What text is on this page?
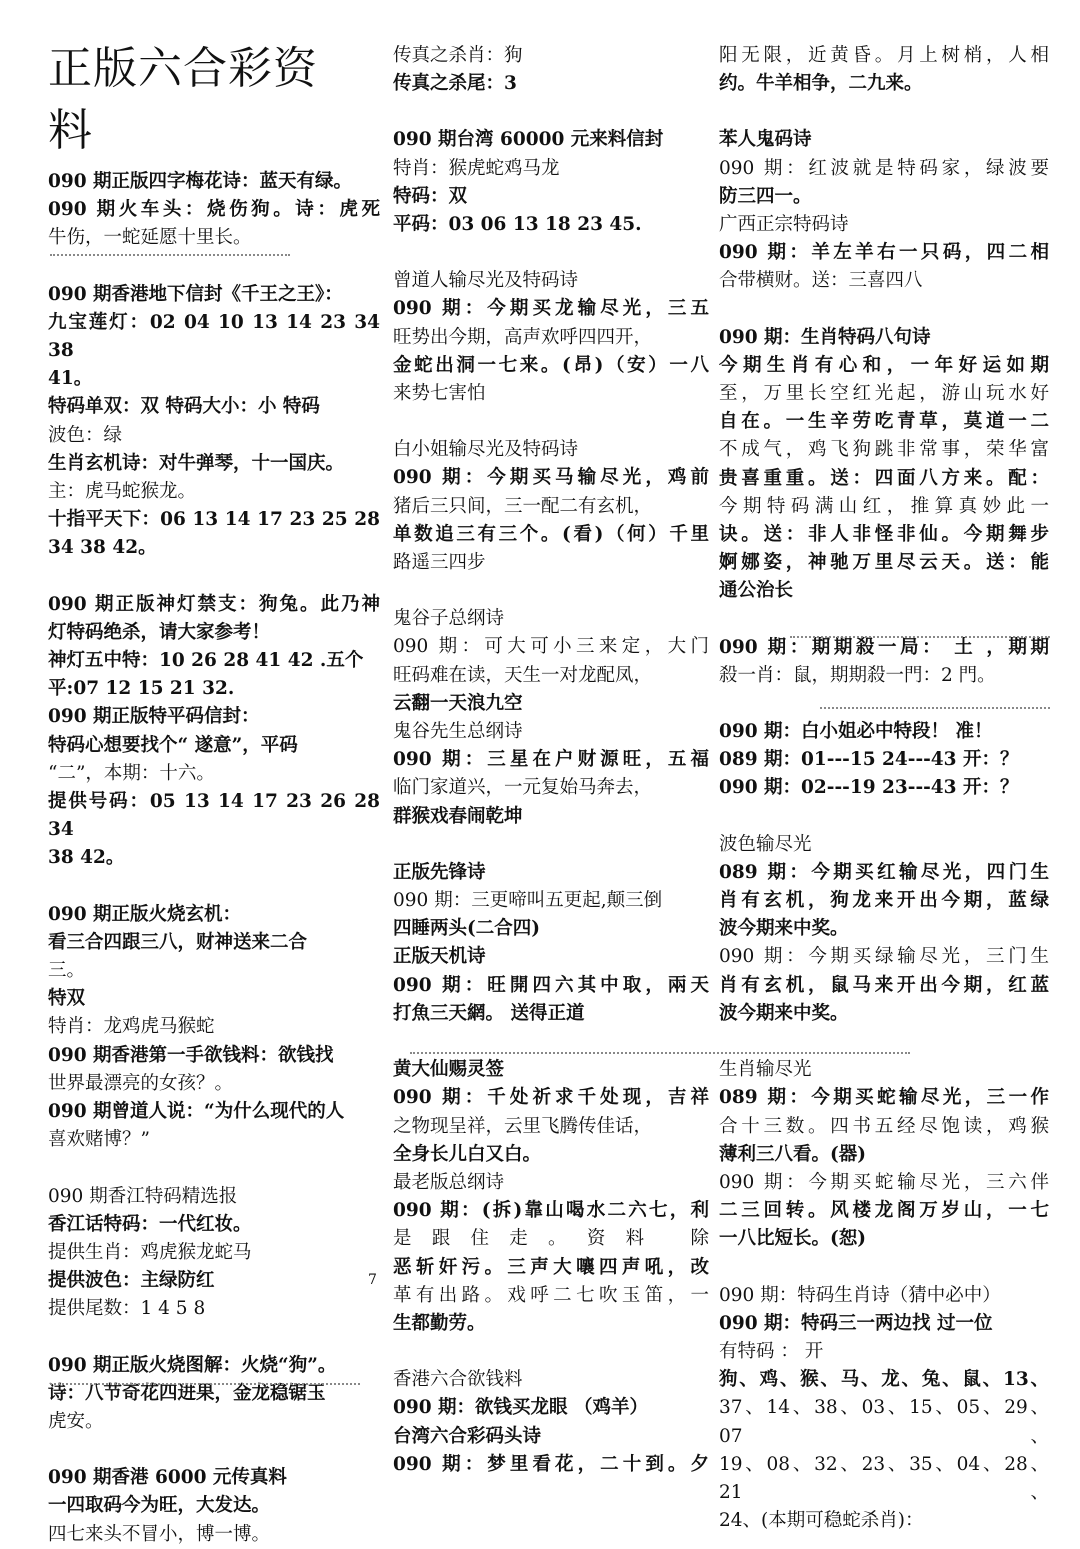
正版六合彩资
料

090 期正版四字梅花诗：蓝天有绿。

090 期火车头：烧伤狗。诗：虎死

牛伤，一蛇延愿十里长。

090 期香港地下信封《千王之王》：

九宝莲灯：02 04 10 13 14 23 34 38

41。

特码单双：双 特码大小：小 特码

波色：绿

生肖玄机诗：对牛弹琴，十一国庆。

主：虎马蛇猴龙。

十指平天下：06 13 14 17 23 25 28

34 38 42。

090 期正版神灯禁支：狗兔。此乃神

灯特码绝杀，请大家参考！

神灯五中特：10 26 28 41 42 .五个

平:07 12 15 21 32.

090 期正版特平码信封：

特码心想要找个“ 遂意”，平码

“二”，本期：十六。

提供号码：05 13 14 17 23 26 28 34

38 42。

090 期正版火烧玄机：

看三合四跟三八，财神送来二合

三。

特双

特肖：龙鸡虎马猴蛇

090 期香港第一手欲钱料：欲钱找

世界最漂亮的女孩？。

090 期曾道人说：“为什么现代的人

喜欢赌博？”

090 期香江特码精选报

香江话特码：一代红妆。

提供生肖：鸡虎猴龙蛇马

提供波色：主绿防红

提供尾数：1 4 5 8

090 期正版火烧图解：火烧“狗”。

诗：八节奇花四进果，金龙稳锯玉

虎安。

090 期香港 6000 元传真料

一四取码今为旺，大发达。

四七来头不冒小，博一博。

传真之杀肖：狗

传真之杀尾：3

090 期台湾 60000 元来料信封

特肖：猴虎蛇鸡马龙

特码：双

平码：03 06 13 18 23 45.

曾道人输尽光及特码诗

090 期：今期买龙输尽光，三五

旺势出今期，高声欢呼四四开，

金蛇出洞一七来。(昂)（安）一八

来势七害怕

白小姐输尽光及特码诗

090 期：今期买马输尽光，鸡前

猪后三只间，三一配二有玄机，

单数追三有三个。(看)（何）千里

路遥三四步

鬼谷子总纲诗

090 期：可大可小三来定，大门

旺码难在读，天生一对龙配凤，

云翻一天浪九空

鬼谷先生总纲诗

090 期：三星在户财源旺，五福

临门家道兴，一元复始马奔去，

群猴戏春闹乾坤

正版先锋诗

090 期：三更啼叫五更起,颠三倒

四睡两头(二合四)

正版天机诗

090 期：旺開四六其中取，兩天

打魚三天網。 送得正道

黄大仙赐灵签

090 期：千处祈求千处现，吉祥

之物现呈祥，云里飞腾传佳话，

全身长儿白又白。

最老版总纲诗

090 期：(拆)靠山喝水二六七，利

是跟住走。资料 除

恶斩奸污。三声大嚷四声吼，改

革有出路。戏呼二七吹玉笛，一

生都勤劳。

香港六合欲钱料

090 期：欲钱买龙眼 （鸡羊）

台湾六合彩码头诗

090 期：梦里看花，二十到。夕

阳无限，近黄昏。月上树梢，人相

约。牛羊相争，二九来。

苯人鬼码诗

090 期：红波就是特码家，绿波要

防三四一。

广西正宗特码诗

090 期：羊左羊右一只码，四二相

合带横财。送：三喜四八

090 期：生肖特码八句诗

今期生肖有心和，一年好运如期

至，万里长空红光起，游山玩水好

自在。一生辛劳吃青草，莫道一二

不成气，鸡飞狗跳非常事，荣华富

贵喜重重。送：四面八方来。配：

今期特码满山红，推算真妙此一

诀。送：非人非怪非仙。今期舞步

婀娜姿，神驰万里尽云天。送：能

通公治长

090 期：期期殺一局： 土 ，期期

殺一肖：鼠，期期殺一門：2 門。

090 期：白小姐必中特段！ 准！

089 期：01---15 24---43 开：？

090 期：02---19 23---43 开：？

波色输尽光

089 期：今期买红输尽光，四门生

肖有玄机，狗龙来开出今期，蓝绿

波今期来中奖。

090 期：今期买绿输尽光，三门生

肖有玄机，鼠马来开出今期，红蓝

波今期来中奖。

生肖输尽光

089 期：今期买蛇输尽光，三一作

合十三数。四书五经尽饱读，鸡猴

薄利三八看。(器)

090 期：今期买蛇输尽光，三六伴

二三回转。风楼龙阁万岁山，一七

一八比短长。(恕)

090 期：特码生肖诗（猜中必中）

090 期：特码三一两边找 过一位

有特码 ： 开

狗、鸡、猴、马、龙、兔、鼠、13、

37、14、38、03、15、05、29、07、

19、08、32、23、35、04、28、21、

24、(本期可稳蛇杀肖)：

7
